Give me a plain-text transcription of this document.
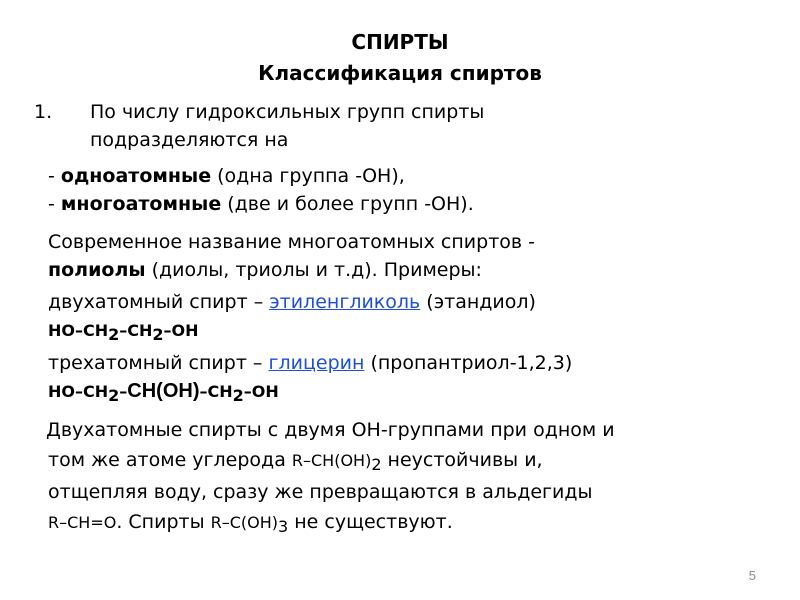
СПИРТЫ
Классификация спиртов
1. По числу гидроксильных групп спирты
подразделяются на
- одноатомные (одна группа -ОН),
- многоатомные (две и более групп -ОН).
Современное название многоатомных спиртов -
полиолы (диолы, триолы и т.д). Примеры:
двухатомный спирт – этиленгликоль (этандиол)
$HO-CH_2-CH_2-OH$
трехатомный спирт – глицерин (пропантриол-1,2,3)
$HO-CH_2-CH(OH)-CH_2-OH$
Двухатомные спирты с двумя ОН-группами при одном и
том же атоме углерода $R-CH(OH)_2$ неустойчивы и,
отщепляя воду, сразу же превращаются в альдегиды
R–CH=O. Спирты $R-C(OH)_3$ не существуют.
5
